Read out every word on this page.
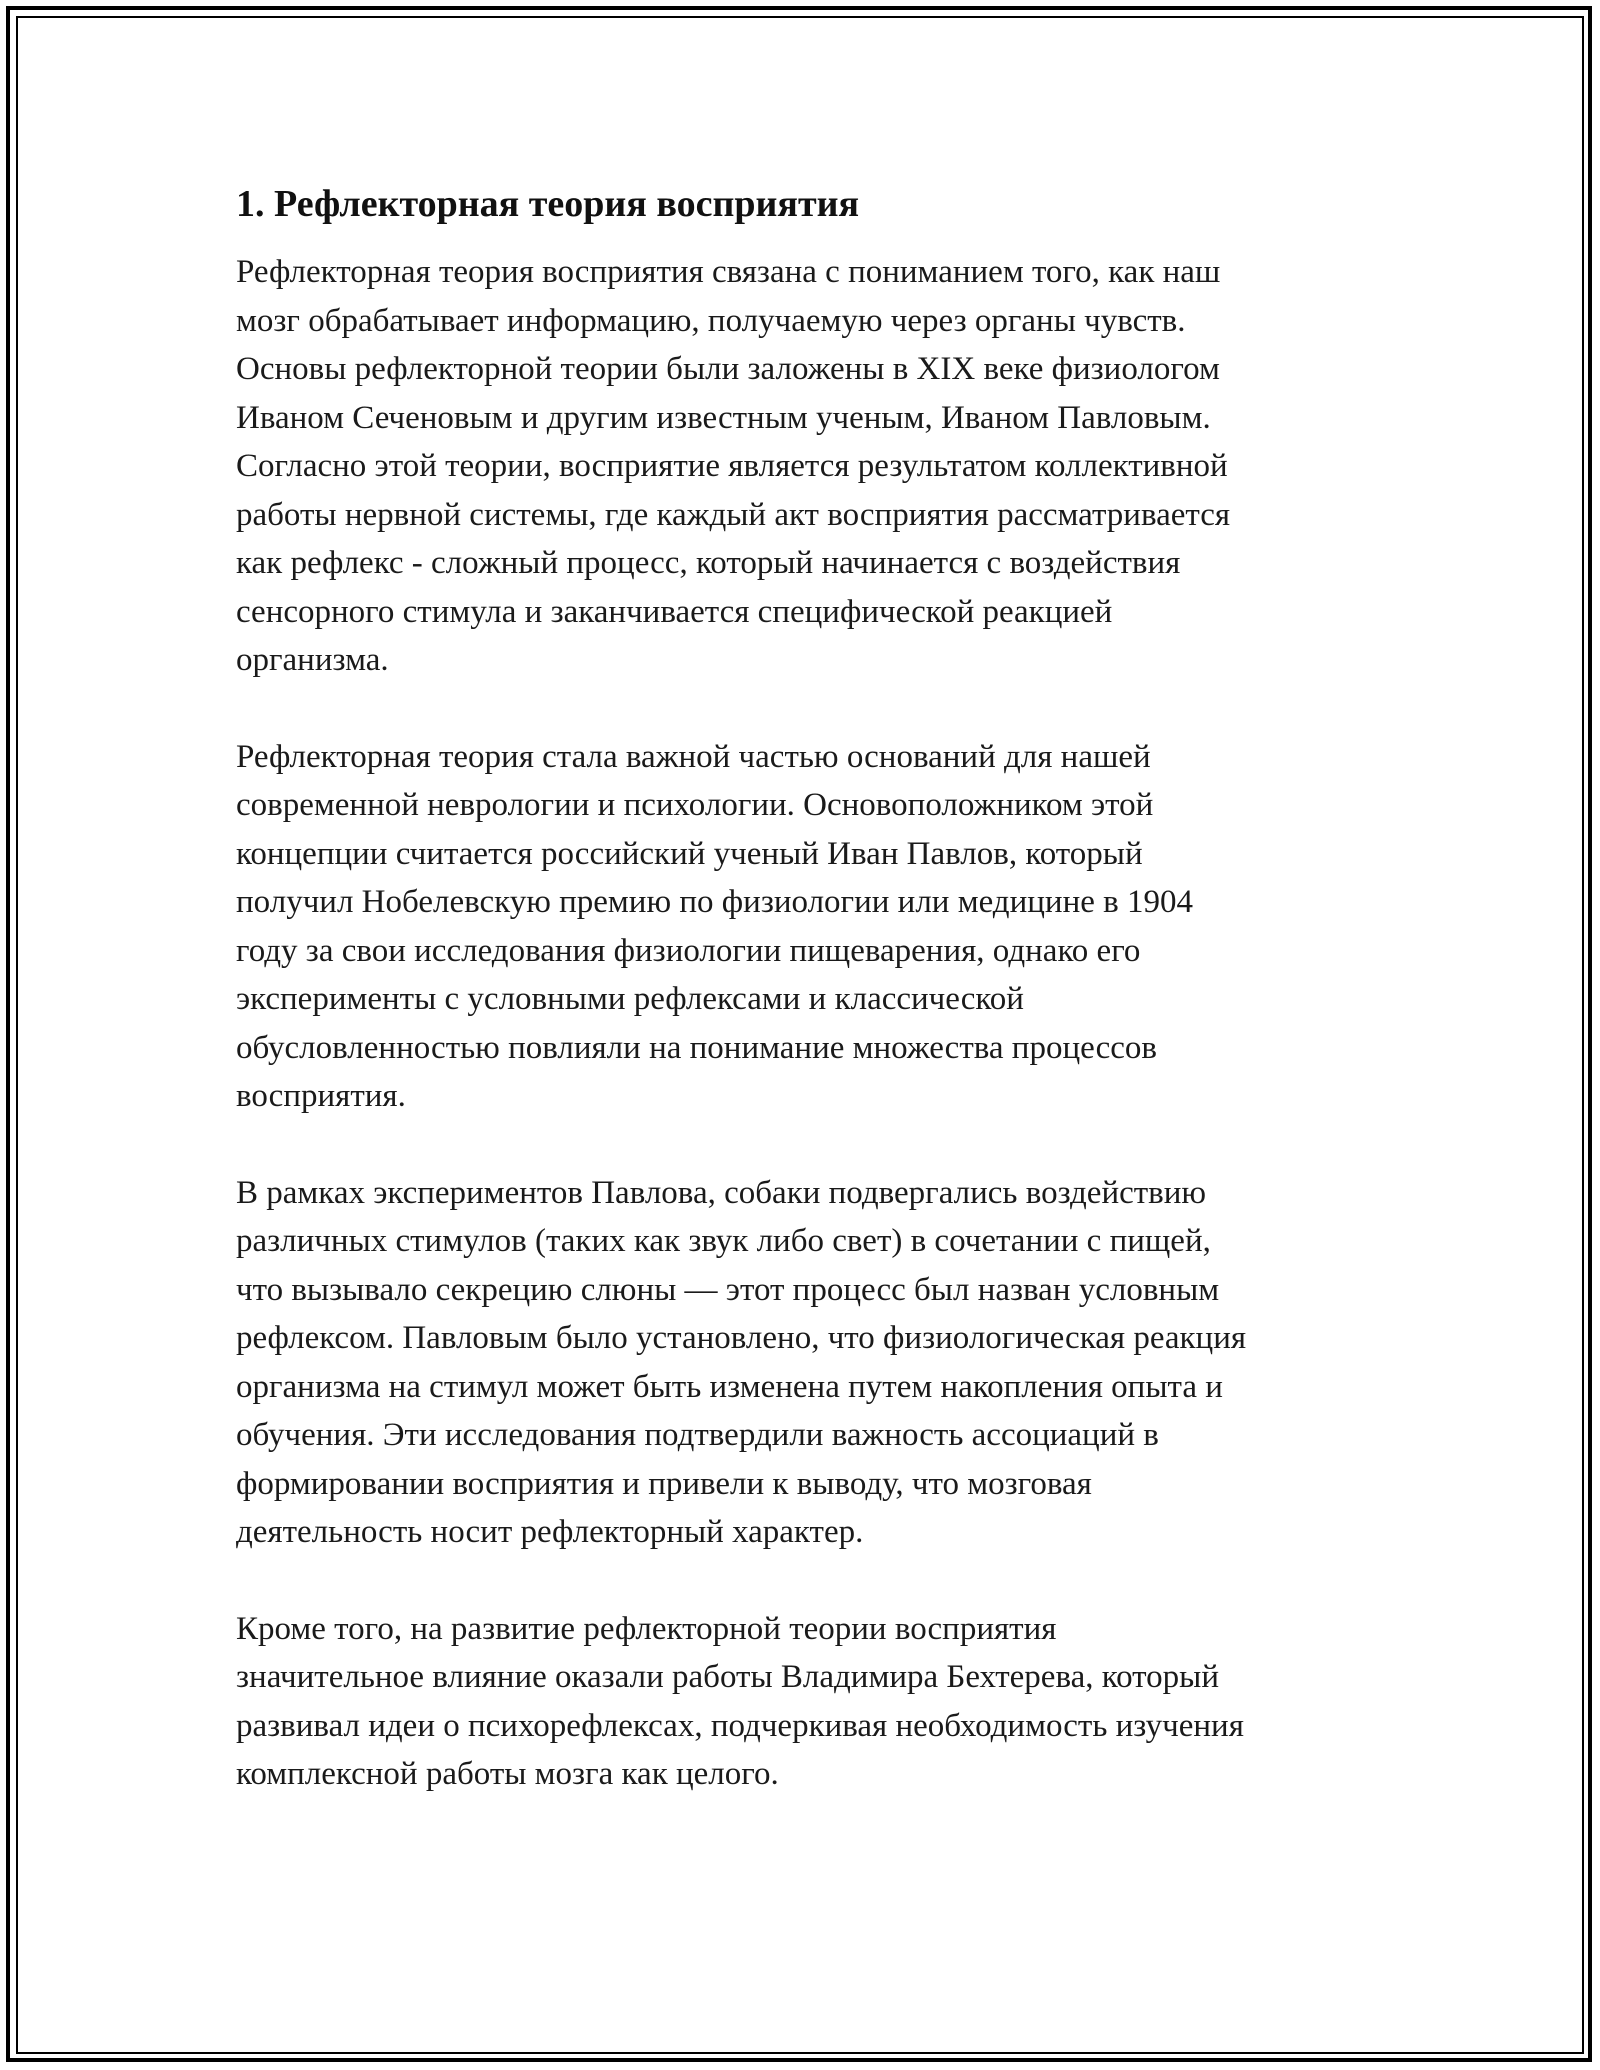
1. Рефлекторная теория восприятия

Рефлекторная теория восприятия связана с пониманием того, как наш
мозг обрабатывает информацию, получаемую через органы чувств.
Основы рефлекторной теории были заложены в XIX веке физиологом
Иваном Сеченовым и другим известным ученым, Иваном Павловым.
Согласно этой теории, восприятие является результатом коллективной
работы нервной системы, где каждый акт восприятия рассматривается
как рефлекс - сложный процесс, который начинается с воздействия
сенсорного стимула и заканчивается специфической реакцией
организма.

Рефлекторная теория стала важной частью оснований для нашей
современной неврологии и психологии. Основоположником этой
концепции считается российский ученый Иван Павлов, который
получил Нобелевскую премию по физиологии или медицине в 1904
году за свои исследования физиологии пищеварения, однако его
эксперименты с условными рефлексами и классической
обусловленностью повлияли на понимание множества процессов
восприятия.

В рамках экспериментов Павлова, собаки подвергались воздействию
различных стимулов (таких как звук либо свет) в сочетании с пищей,
что вызывало секрецию слюны — этот процесс был назван условным
рефлексом. Павловым было установлено, что физиологическая реакция
организма на стимул может быть изменена путем накопления опыта и
обучения. Эти исследования подтвердили важность ассоциаций в
формировании восприятия и привели к выводу, что мозговая
деятельность носит рефлекторный характер.

Кроме того, на развитие рефлекторной теории восприятия
значительное влияние оказали работы Владимира Бехтерева, который
развивал идеи о психорефлексах, подчеркивая необходимость изучения
комплексной работы мозга как целого.
